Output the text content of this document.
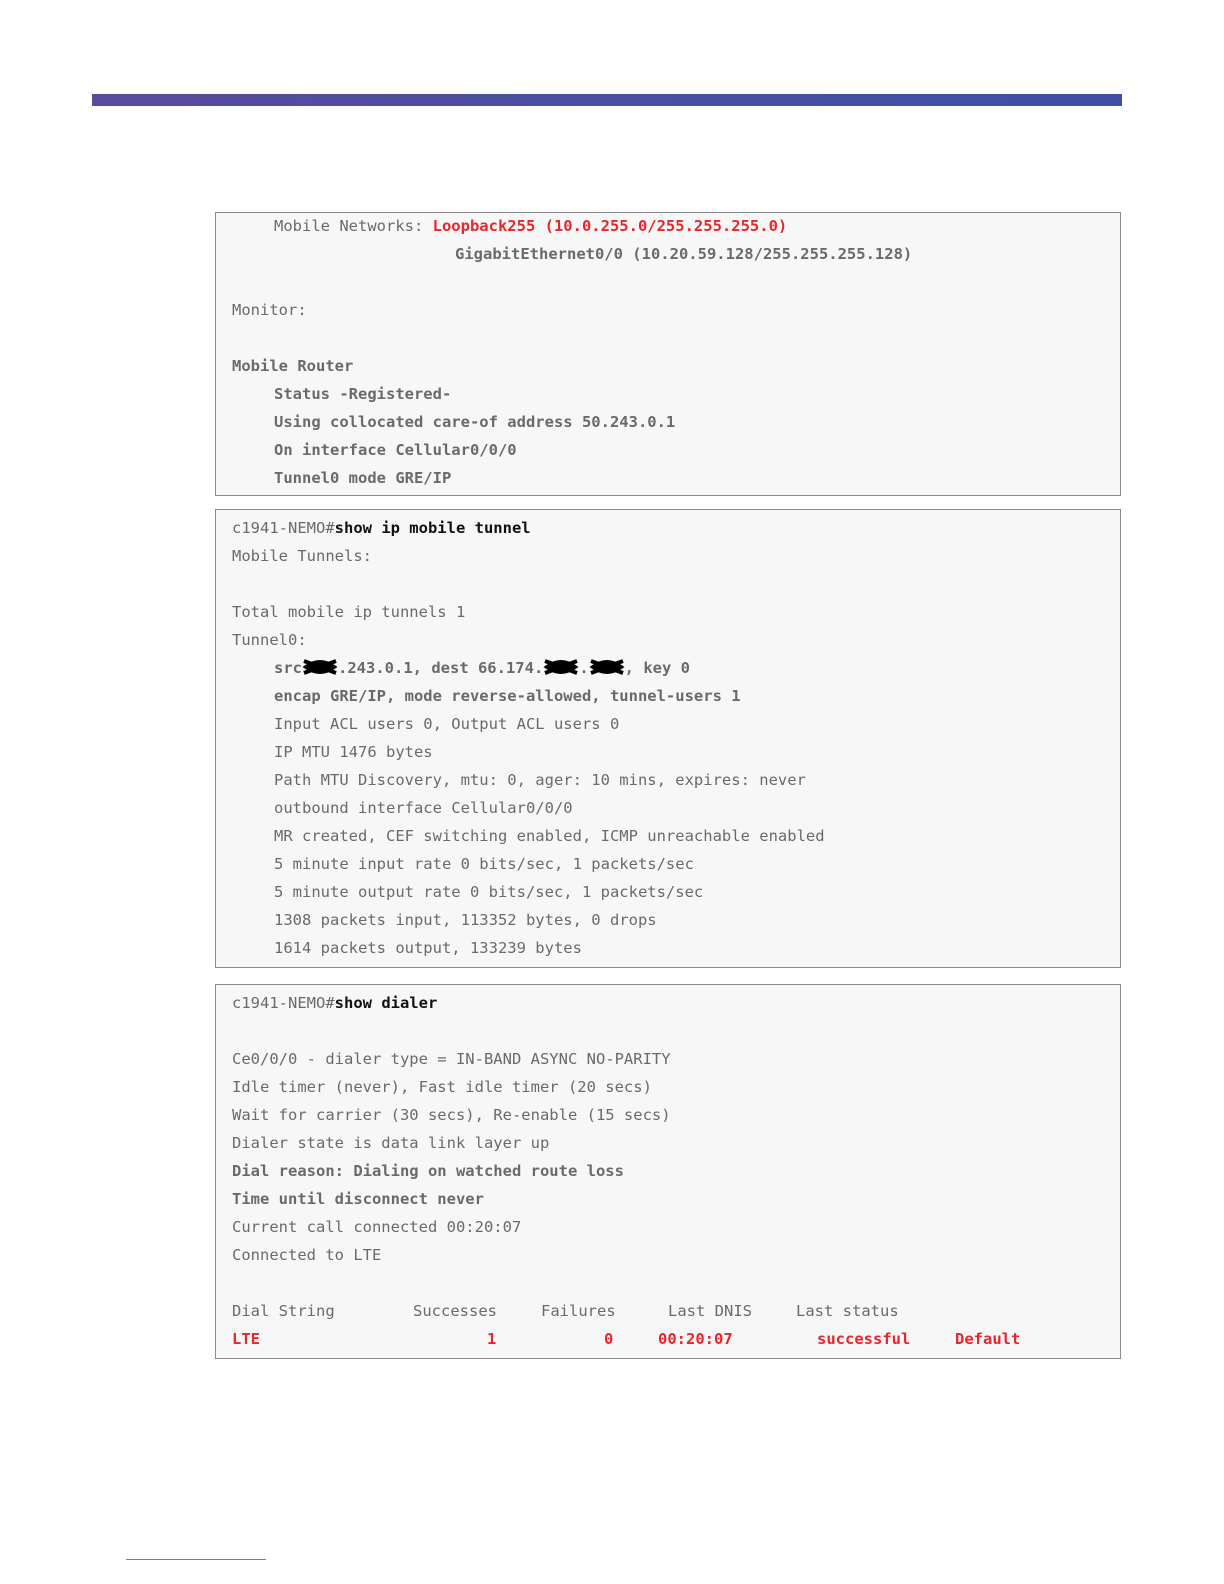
Mobile Networks: Loopback255 (10.0.255.0/255.255.255.0)
GigabitEthernet0/0 (10.20.59.128/255.255.255.128)
Monitor:
Mobile Router
Status -Registered-
Using collocated care-of address 50.243.0.1
On interface Cellular0/0/0
Tunnel0 mode GRE/IP
c1941-NEMO#show ip mobile tunnel
Mobile Tunnels:
Total mobile ip tunnels 1
Tunnel0:
src .243.0.1, dest 66.174. . , key 0
encap GRE/IP, mode reverse-allowed, tunnel-users 1
Input ACL users 0, Output ACL users 0
IP MTU 1476 bytes
Path MTU Discovery, mtu: 0, ager: 10 mins, expires: never
outbound interface Cellular0/0/0
MR created, CEF switching enabled, ICMP unreachable enabled
5 minute input rate 0 bits/sec, 1 packets/sec
5 minute output rate 0 bits/sec, 1 packets/sec
1308 packets input, 113352 bytes, 0 drops
1614 packets output, 133239 bytes
c1941-NEMO#show dialer
Ce0/0/0 - dialer type = IN-BAND ASYNC NO-PARITY
Idle timer (never), Fast idle timer (20 secs)
Wait for carrier (30 secs), Re-enable (15 secs)
Dialer state is data link layer up
Dial reason: Dialing on watched route loss
Time until disconnect never
Current call connected 00:20:07
Connected to LTE
Dial String	Successes	Failures	Last DNIS	Last status
LTE	1	0	00:20:07	successful	Default
